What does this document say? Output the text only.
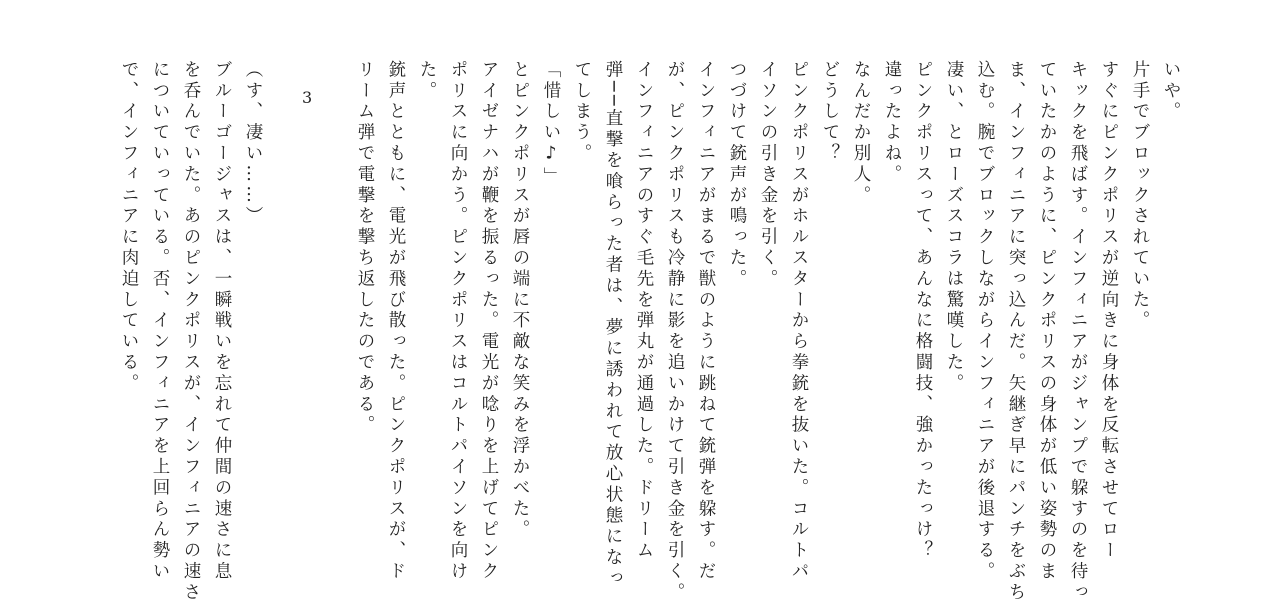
いや。
片手でブロックされていた。
すぐにピンクポリスが逆向きに身体を反転させてロー
キックを飛ばす。インフィニアがジャンプで躱すのを待っ
ていたかのように、ピンクポリスの身体が低い姿勢のま
ま、インフィニアに突っ込んだ。矢継ぎ早にパンチをぶち
込む。腕でブロックしながらインフィニアが後退する。
凄い、とローズスコラは驚嘆した。
ピンクポリスって、あんなに格闘技、強かったっけ？
違ったよね。
なんだか別人。
どうして？
ピンクポリスがホルスターから拳銃を抜いた。コルトパ
イソンの引き金を引く。
つづけて銃声が鳴った。
インフィニアがまるで獣のように跳ねて銃弾を躱す。だ
が、ピンクポリスも冷静に影を追いかけて引き金を引く。
インフィニアのすぐ毛先を弾丸が通過した。ドリーム
弾──直撃を喰らった者は、夢に誘われて放心状態になっ
てしまう。
「惜しい♪」
とピンクポリスが唇の端に不敵な笑みを浮かべた。
アイゼナハが鞭を振るった。電光が唸りを上げてピンク
ポリスに向かう。ピンクポリスはコルトパイソンを向け
た。
銃声とともに、電光が飛び散った。ピンクポリスが、ド
リーム弾で電撃を撃ち返したのである。
3
（す、凄い……）
ブルーゴージャスは、一瞬戦いを忘れて仲間の速さに息
を呑んでいた。あのピンクポリスが、インフィニアの速さ
についていっている。否、インフィニアを上回らん勢い
で、インフィニアに肉迫している。
